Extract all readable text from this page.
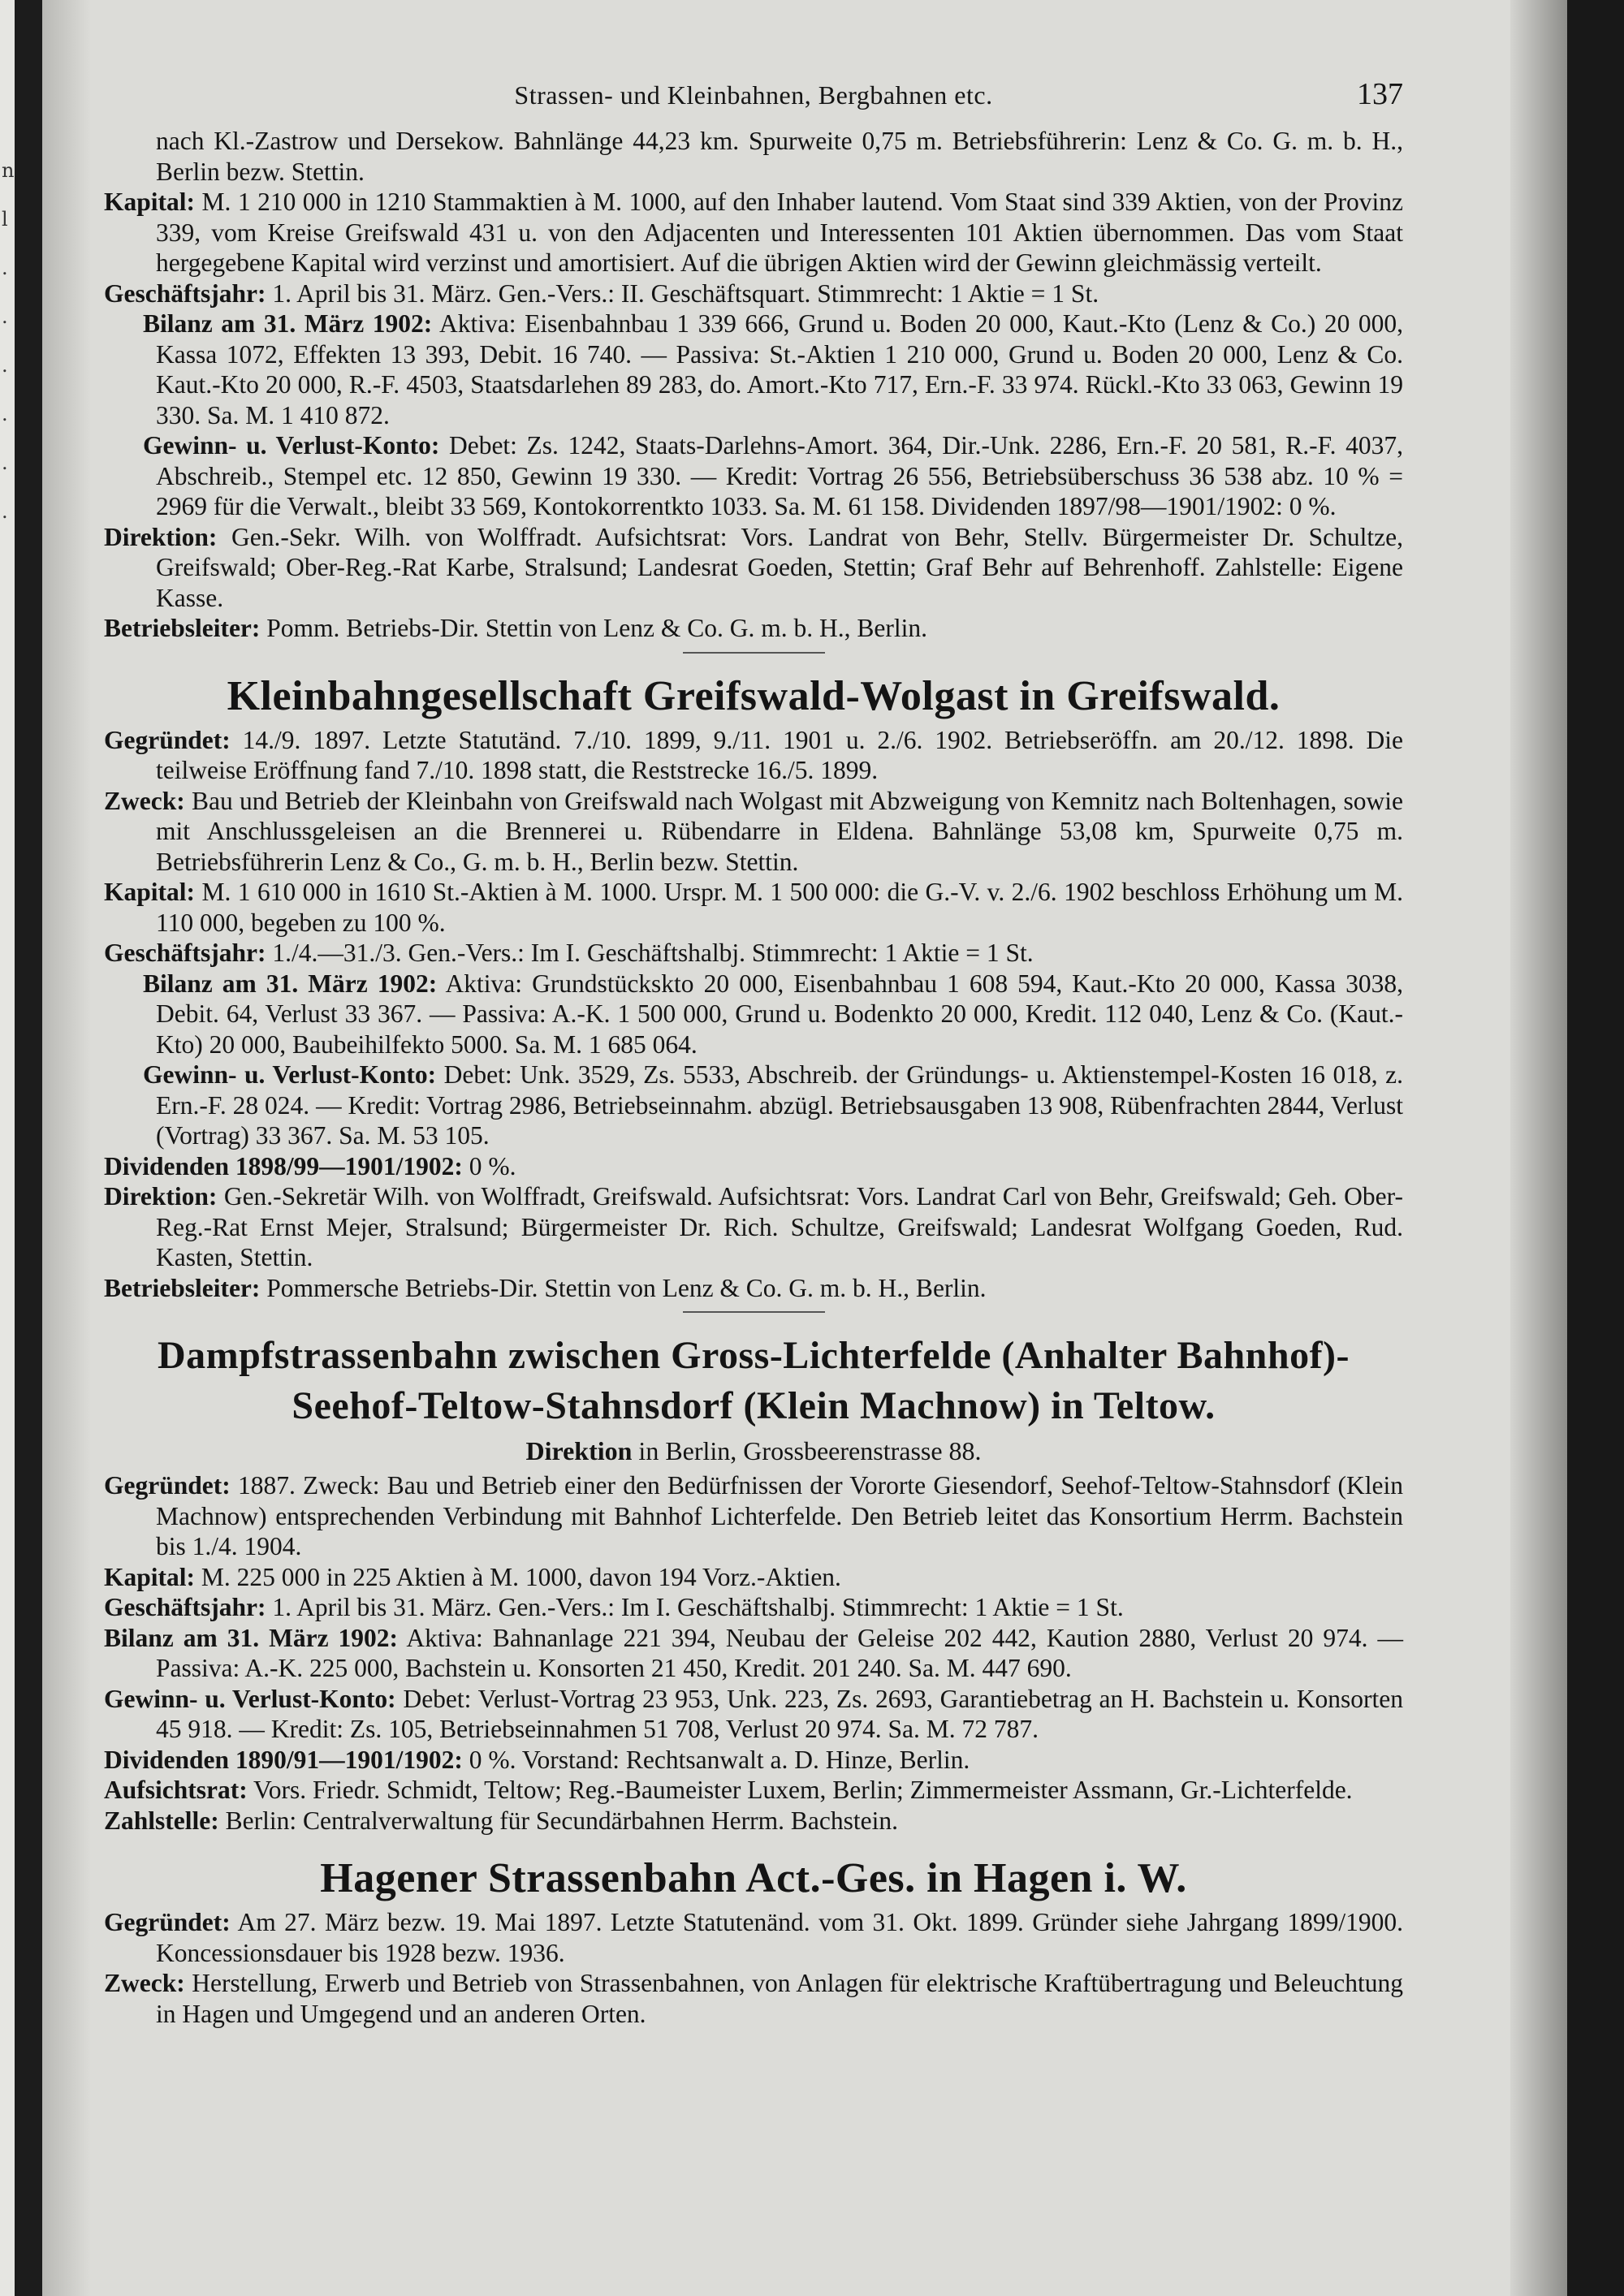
n l . . . . . .
Strassen- und Kleinbahnen, Bergbahnen etc.	137

nach Kl.-Zastrow und Dersekow. Bahnlänge 44,23 km. Spurweite 0,75 m. Betriebsführerin: Lenz & Co. G. m. b. H., Berlin bezw. Stettin.

Kapital: M. 1 210 000 in 1210 Stammaktien à M. 1000, auf den Inhaber lautend. Vom Staat sind 339 Aktien, von der Provinz 339, vom Kreise Greifswald 431 u. von den Adjacenten und Interessenten 101 Aktien übernommen. Das vom Staat hergegebene Kapital wird verzinst und amortisiert. Auf die übrigen Aktien wird der Gewinn gleichmässig verteilt.

Geschäftsjahr: 1. April bis 31. März. Gen.-Vers.: II. Geschäftsquart. Stimmrecht: 1 Aktie = 1 St.

Bilanz am 31. März 1902: Aktiva: Eisenbahnbau 1 339 666, Grund u. Boden 20 000, Kaut.-Kto (Lenz & Co.) 20 000, Kassa 1072, Effekten 13 393, Debit. 16 740. — Passiva: St.-Aktien 1 210 000, Grund u. Boden 20 000, Lenz & Co. Kaut.-Kto 20 000, R.-F. 4503, Staatsdarlehen 89 283, do. Amort.-Kto 717, Ern.-F. 33 974. Rückl.-Kto 33 063, Gewinn 19 330. Sa. M. 1 410 872.

Gewinn- u. Verlust-Konto: Debet: Zs. 1242, Staats-Darlehns-Amort. 364, Dir.-Unk. 2286, Ern.-F. 20 581, R.-F. 4037, Abschreib., Stempel etc. 12 850, Gewinn 19 330. — Kredit: Vortrag 26 556, Betriebsüberschuss 36 538 abz. 10 % = 2969 für die Verwalt., bleibt 33 569, Kontokorrentkto 1033. Sa. M. 61 158. Dividenden 1897/98—1901/1902: 0 %.

Direktion: Gen.-Sekr. Wilh. von Wolffradt. Aufsichtsrat: Vors. Landrat von Behr, Stellv. Bürgermeister Dr. Schultze, Greifswald; Ober-Reg.-Rat Karbe, Stralsund; Landesrat Goeden, Stettin; Graf Behr auf Behrenhoff. Zahlstelle: Eigene Kasse.

Betriebsleiter: Pomm. Betriebs-Dir. Stettin von Lenz & Co. G. m. b. H., Berlin.

Kleinbahngesellschaft Greifswald-Wolgast in Greifswald.

Gegründet: 14./9. 1897. Letzte Statutänd. 7./10. 1899, 9./11. 1901 u. 2./6. 1902. Betriebseröffn. am 20./12. 1898. Die teilweise Eröffnung fand 7./10. 1898 statt, die Reststrecke 16./5. 1899.

Zweck: Bau und Betrieb der Kleinbahn von Greifswald nach Wolgast mit Abzweigung von Kemnitz nach Boltenhagen, sowie mit Anschlussgeleisen an die Brennerei u. Rübendarre in Eldena. Bahnlänge 53,08 km, Spurweite 0,75 m. Betriebsführerin Lenz & Co., G. m. b. H., Berlin bezw. Stettin.

Kapital: M. 1 610 000 in 1610 St.-Aktien à M. 1000. Urspr. M. 1 500 000: die G.-V. v. 2./6. 1902 beschloss Erhöhung um M. 110 000, begeben zu 100 %.

Geschäftsjahr: 1./4.—31./3. Gen.-Vers.: Im I. Geschäftshalbj. Stimmrecht: 1 Aktie = 1 St.

Bilanz am 31. März 1902: Aktiva: Grundstückskto 20 000, Eisenbahnbau 1 608 594, Kaut.-Kto 20 000, Kassa 3038, Debit. 64, Verlust 33 367. — Passiva: A.-K. 1 500 000, Grund u. Bodenkto 20 000, Kredit. 112 040, Lenz & Co. (Kaut.-Kto) 20 000, Baubeihilfekto 5000. Sa. M. 1 685 064.

Gewinn- u. Verlust-Konto: Debet: Unk. 3529, Zs. 5533, Abschreib. der Gründungs- u. Aktienstempel-Kosten 16 018, z. Ern.-F. 28 024. — Kredit: Vortrag 2986, Betriebseinnahm. abzügl. Betriebsausgaben 13 908, Rübenfrachten 2844, Verlust (Vortrag) 33 367. Sa. M. 53 105.

Dividenden 1898/99—1901/1902: 0 %.

Direktion: Gen.-Sekretär Wilh. von Wolffradt, Greifswald. Aufsichtsrat: Vors. Landrat Carl von Behr, Greifswald; Geh. Ober-Reg.-Rat Ernst Mejer, Stralsund; Bürgermeister Dr. Rich. Schultze, Greifswald; Landesrat Wolfgang Goeden, Rud. Kasten, Stettin.

Betriebsleiter: Pommersche Betriebs-Dir. Stettin von Lenz & Co. G. m. b. H., Berlin.

Dampfstrassenbahn zwischen Gross-Lichterfelde (Anhalter Bahnhof)-Seehof-Teltow-Stahnsdorf (Klein Machnow) in Teltow.
Direktion in Berlin, Grossbeerenstrasse 88.

Gegründet: 1887. Zweck: Bau und Betrieb einer den Bedürfnissen der Vororte Giesendorf, Seehof-Teltow-Stahnsdorf (Klein Machnow) entsprechenden Verbindung mit Bahnhof Lichterfelde. Den Betrieb leitet das Konsortium Herrm. Bachstein bis 1./4. 1904.

Kapital: M. 225 000 in 225 Aktien à M. 1000, davon 194 Vorz.-Aktien.

Geschäftsjahr: 1. April bis 31. März. Gen.-Vers.: Im I. Geschäftshalbj. Stimmrecht: 1 Aktie = 1 St.

Bilanz am 31. März 1902: Aktiva: Bahnanlage 221 394, Neubau der Geleise 202 442, Kaution 2880, Verlust 20 974. — Passiva: A.-K. 225 000, Bachstein u. Konsorten 21 450, Kredit. 201 240. Sa. M. 447 690.

Gewinn- u. Verlust-Konto: Debet: Verlust-Vortrag 23 953, Unk. 223, Zs. 2693, Garantiebetrag an H. Bachstein u. Konsorten 45 918. — Kredit: Zs. 105, Betriebseinnahmen 51 708, Verlust 20 974. Sa. M. 72 787.

Dividenden 1890/91—1901/1902: 0 %. Vorstand: Rechtsanwalt a. D. Hinze, Berlin.

Aufsichtsrat: Vors. Friedr. Schmidt, Teltow; Reg.-Baumeister Luxem, Berlin; Zimmermeister Assmann, Gr.-Lichterfelde.

Zahlstelle: Berlin: Centralverwaltung für Secundärbahnen Herrm. Bachstein.

Hagener Strassenbahn Act.-Ges. in Hagen i. W.

Gegründet: Am 27. März bezw. 19. Mai 1897. Letzte Statutenänd. vom 31. Okt. 1899. Gründer siehe Jahrgang 1899/1900. Koncessionsdauer bis 1928 bezw. 1936.

Zweck: Herstellung, Erwerb und Betrieb von Strassenbahnen, von Anlagen für elektrische Kraftübertragung und Beleuchtung in Hagen und Umgegend und an anderen Orten.
